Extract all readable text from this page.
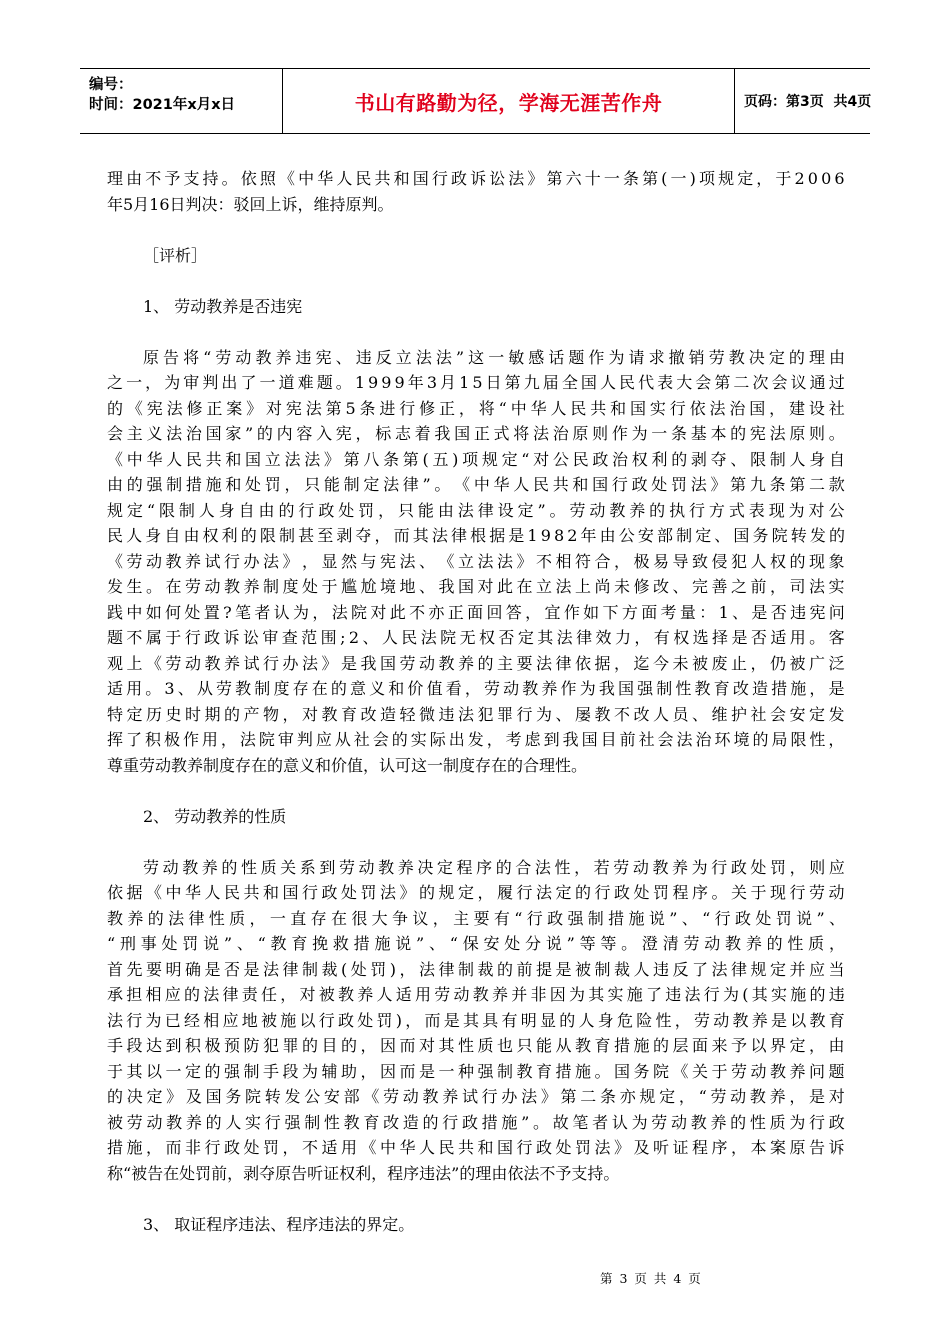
编号：
时间：2021年x月x日	书山有路勤为径，学海无涯苦作舟	页码：第3页  共4页
理 由 不 予 支 持 。 依 照 《 中 华 人 民 共 和 国 行 政 诉 讼 法 》 第 六 十 一 条 第 ( 一 ) 项 规 定 ， 于 2 0 0 6
年5月16日判决：驳回上诉，维持原判。
［评析］
1、 劳动教养是否违宪
原 告 将 “ 劳 动 教 养 违 宪 、 违 反 立 法 法 ” 这 一 敏 感 话 题 作 为 请 求 撤 销 劳 教 决 定 的 理 由
之 一 ， 为 审 判 出 了 一 道 难 题 。 1 9 9 9 年 3 月 1 5 日 第 九 届 全 国 人 民 代 表 大 会 第 二 次 会 议 通 过
的 《 宪 法 修 正 案 》 对 宪 法 第 5 条 进 行 修 正 ， 将 “ 中 华 人 民 共 和 国 实 行 依 法 治 国 ， 建 设 社
会 主 义 法 治 国 家 ” 的 内 容 入 宪 ， 标 志 着 我 国 正 式 将 法 治 原 则 作 为 一 条 基 本 的 宪 法 原 则 。
《 中 华 人 民 共 和 国 立 法 法 》 第 八 条 第 ( 五 ) 项 规 定 “ 对 公 民 政 治 权 利 的 剥 夺 、 限 制 人 身 自
由 的 强 制 措 施 和 处 罚 ， 只 能 制 定 法 律 ” 。 《 中 华 人 民 共 和 国 行 政 处 罚 法 》 第 九 条 第 二 款
规 定 “ 限 制 人 身 自 由 的 行 政 处 罚 ， 只 能 由 法 律 设 定 ” 。 劳 动 教 养 的 执 行 方 式 表 现 为 对 公
民 人 身 自 由 权 利 的 限 制 甚 至 剥 夺 ， 而 其 法 律 根 据 是 1 9 8 2 年 由 公 安 部 制 定 、 国 务 院 转 发 的
《 劳 动 教 养 试 行 办 法 》 ， 显 然 与 宪 法 、 《 立 法 法 》 不 相 符 合 ， 极 易 导 致 侵 犯 人 权 的 现 象
发 生 。 在 劳 动 教 养 制 度 处 于 尴 尬 境 地 、 我 国 对 此 在 立 法 上 尚 未 修 改 、 完 善 之 前 ， 司 法 实
践 中 如 何 处 置 ? 笔 者 认 为 ， 法 院 对 此 不 亦 正 面 回 答 ， 宜 作 如 下 方 面 考 量 ： 1 、 是 否 违 宪 问
题 不 属 于 行 政 诉 讼 审 查 范 围 ; 2 、 人 民 法 院 无 权 否 定 其 法 律 效 力 ， 有 权 选 择 是 否 适 用 。 客
观 上 《 劳 动 教 养 试 行 办 法 》 是 我 国 劳 动 教 养 的 主 要 法 律 依 据 ， 迄 今 未 被 废 止 ， 仍 被 广 泛
适 用 。 3 、 从 劳 教 制 度 存 在 的 意 义 和 价 值 看 ， 劳 动 教 养 作 为 我 国 强 制 性 教 育 改 造 措 施 ， 是
特 定 历 史 时 期 的 产 物 ， 对 教 育 改 造 轻 微 违 法 犯 罪 行 为 、 屡 教 不 改 人 员 、 维 护 社 会 安 定 发
挥 了 积 极 作 用 ， 法 院 审 判 应 从 社 会 的 实 际 出 发 ， 考 虑 到 我 国 目 前 社 会 法 治 环 境 的 局 限 性 ，
尊重劳动教养制度存在的意义和价值，认可这一制度存在的合理性。
2、 劳动教养的性质
劳 动 教 养 的 性 质 关 系 到 劳 动 教 养 决 定 程 序 的 合 法 性 ， 若 劳 动 教 养 为 行 政 处 罚 ， 则 应
依 据 《 中 华 人 民 共 和 国 行 政 处 罚 法 》 的 规 定 ， 履 行 法 定 的 行 政 处 罚 程 序 。 关 于 现 行 劳 动
教 养 的 法 律 性 质 ， 一 直 存 在 很 大 争 议 ， 主 要 有 “ 行 政 强 制 措 施 说 ” 、 “ 行 政 处 罚 说 ” 、
“ 刑 事 处 罚 说 ” 、 “ 教 育 挽 救 措 施 说 ” 、 “ 保 安 处 分 说 ” 等 等 。 澄 清 劳 动 教 养 的 性 质 ，
首 先 要 明 确 是 否 是 法 律 制 裁 ( 处 罚 ) ， 法 律 制 裁 的 前 提 是 被 制 裁 人 违 反 了 法 律 规 定 并 应 当
承 担 相 应 的 法 律 责 任 ， 对 被 教 养 人 适 用 劳 动 教 养 并 非 因 为 其 实 施 了 违 法 行 为 ( 其 实 施 的 违
法 行 为 已 经 相 应 地 被 施 以 行 政 处 罚 ) ， 而 是 其 具 有 明 显 的 人 身 危 险 性 ， 劳 动 教 养 是 以 教 育
手 段 达 到 积 极 预 防 犯 罪 的 目 的 ， 因 而 对 其 性 质 也 只 能 从 教 育 措 施 的 层 面 来 予 以 界 定 ， 由
于 其 以 一 定 的 强 制 手 段 为 辅 助 ， 因 而 是 一 种 强 制 教 育 措 施 。 国 务 院 《 关 于 劳 动 教 养 问 题
的 决 定 》 及 国 务 院 转 发 公 安 部 《 劳 动 教 养 试 行 办 法 》 第 二 条 亦 规 定 ， “ 劳 动 教 养 ， 是 对
被 劳 动 教 养 的 人 实 行 强 制 性 教 育 改 造 的 行 政 措 施 ” 。 故 笔 者 认 为 劳 动 教 养 的 性 质 为 行 政
措 施 ， 而 非 行 政 处 罚 ， 不 适 用 《 中 华 人 民 共 和 国 行 政 处 罚 法 》 及 听 证 程 序 ， 本 案 原 告 诉
称“被告在处罚前，剥夺原告听证权利，程序违法”的理由依法不予支持。
3、 取证程序违法、程序违法的界定。
第 3 页 共 4 页
